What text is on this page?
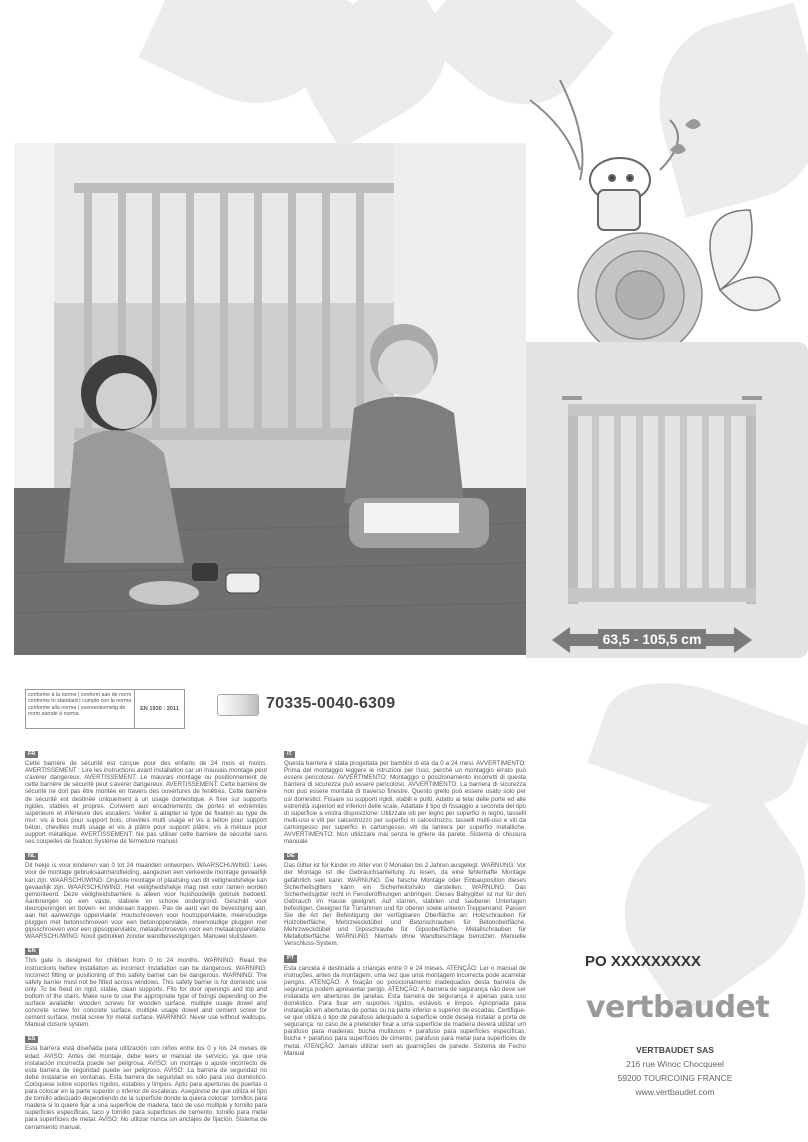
63,5 - 105,5 cm
conforme à la norme | conform aan de norm conforms to standard | cumple con la norma conforme alla norma | overeenkomstig de norm atende à norma
EN 1930 : 2011	70335-0040-6309
FR
Cette barrière de sécurité est conçue pour des enfants de 24 mois et moins. AVERTISSEMENT : Lire les instructions avant installation car un mauvais montage peut s'avérer dangereux. AVERTISSEMENT: Le mauvais montage ou positionnement de cette barrière de sécurité peut s'avérer dangereux. AVERTISSEMENT: Cette barrière de sécurité ne doit pas être montée en travers des ouvertures de fenêtres. Cette barrière de sécurité est destinée uniquement à un usage domestique. A fixer sur supports rigides, stables et propres. Convient aux encadrements de portes et extrémités supérieure et inférieure des escaliers. Veiller à adapter le type de fixation au type de mur: vis à bois pour support bois, chevilles multi usage et vis à béton pour support béton, chevilles multi usage et vis à plâtre pour support plâtre, vis à métaux pour support métallique. AVERTISSEMENT: Ne pas utiliser cette barrière de sécurité sans ses coupelles de fixation.Système de fermeture manuel.
NL
Dit hekje is voor kinderen van 0 tot 24 maanden ontworpen. WAARSCHUWING: Lees voor de montage gebruiksaanhandleiding, aangezien een verkeerde montage gevaarlijk kan zijn. WAARSCHUWING: Onjuiste montage of plaatsing van dit veiligheidshekje kan gevaarlijk zijn. WAARSCHUWING: Het veiligheidshekje mag niet voor ramen worden gemonteerd. Deze veiligheidsbarrière is alleen voor huishoudelijk gebruik bedoeld. Aanbrengen op een vaste, stabiele en schone ondergrond. Geschikt voor deuropeningen en boven- en onderaan trappen. Pas de aard van de bevestiging aan, aan het aanwezige oppervlakte: Houtschroeven voor houtoppervlakte, meervoudige pluggen met betonschroeven voor een betonoppervlakte, meervoudige pluggen met gipsschroeven voor een gipsoppervlakte, metaalschroeven voor een metaaloppervlakte. WAARSCHUWING: Nooit gebruiken zonder wandbevestigingen. Manueel sluitsteem.
EN
This gate is designed for children from 0 to 24 months. WARNING: Read the instructions before installation as incorrect installation can be dangerous. WARNING: Incorrect fitting or positioning of this safety barrier can be dangerous. WARNING: The safety barrier must not be fitted across windows. This safety barrier is for domestic use only. To be fixed on rigid, stable, clean supports. Fits for door openings and top and bottom of the stairs. Make sure to use the appropriate type of fixings depending on the surface available: wooden screws for wooden surface, multiple usage dowel and concrete screw for concrete surface, multiple usage dowel and cement screw for cement surface, metal screw for metal surface. WARNING: Never use without wallcups. Manual closure system.
ES
Esta barrera está diseñada para utilización con niños entre los 0 y los 24 meses de edad. AVISO: Antes del montaje, debe leers el manual de servicio, ya que una instalación incorrecta puede ser peligrosa. AVISO: un montaje o ajuste incorrecto de esta barrera de seguridad puede ser peligroso. AVISO: La barrera de seguridad no debe instalarse en ventanas. Esta barrera de seguridad es sólo para uso doméstico. Colóquese sobre soportes rígidos, estables y limpios. Apto para aperturas de puertas o para colocar en la parte superior o inferior de escaleras. Asegúrese de que utiliza el tipo de tornillo adecuado dependiendo de la superficie donde la quiera colocar: tornillos para madera si lo quiere fijar a una superficie de madera, taco de uso múltiple y tornillo para superficies específicas, taco y tornillo para superficies de cemento, tornillo para metal para superficies de metal. AVISO: No utilizar nunca sin anclajes de fijación. Sistema de cerramiento manual.
IT
Questa barriera è stata progettata per bambini di età da 0 a 24 mesi. AVVERTIMENTO: Prima del montaggio leggere le istruzioni per l'uso, perchè un montaggio errato può essere pericoloso. AVVERTIMENTO: Montaggio o posizionamento incorretti di questa barriera di sicurezza può essere pericoloso. AVVERTIMENTO: La barriera di sicurezza non può essere montata di traverso finestre. Questo grello può essere usato solo per usi domestici. Fissare su supporti rigidi, stabili e puliti. Adatto ai telai delle porte ed alle estremità superiori ed inferiori delle scale. Adattate il tipo di fissaggio a seconda del tipo di superficie a vostra disposizione: Utilizzate viti per legno per superfici in legno, tasselli multi-uso e viti per calcestruzzo per superfici in calcestruzzo, tasselli multi-uso e viti da cartongesso per superfici in cartongesso, viti da lamiera per superfici metalliche. AVVERTIMENTO: Non utilizzare mai senza le ghiere da parete. Sistema di chiusura manuale
DE
Das Gitter ist für Kinder im Alter von 0 Monaten bis 2 Jahren ausgelegt. WARNUNG: Vor der Montage ist die Gebrauchsanleitung zu lesen, da eine fehlerhafte Montage gefährlich sein kann. WARNUNG: Die falsche Montage oder Einbauposition dieses Sicherheitsgitters kann ein Sicherheitsrisiko darstellen. WARNUNG: Das Sicherheitsgitter nicht in Fensteröffnungen anbringen. Dieses Babygitter ist nur für den Gebrauch im Hause geeignet. Auf starren, stabilen und sauberen Unterlagen befestigen. Geeignet für Türrahmen und für oberen sowie unteren Treppenrand. Passen Sie die Art der Befestigung der verfügbaren Oberfläche an: Holzschrauben für Holzoberfläche, Mehrzweckdübel und Betonschrauben für Betonoberfläche, Mehrzweckdübel und Gipsschraube für Gipsoberfläche, Metallschrauben für Metalloberfläche. WARNUNG: Niemals ohne Wandbeschläge benutzen. Manuelle Verschluss-System.
PT
Esta cancela é destinada a crianças entre 0 e 24 meses. ATENÇÃO: Ler o manual de instruções, antes da montagem, uma vez que uma montagem incorrecta pode acarretar perigos. ATENÇÃO: A fixação ou posicionamento inadequados desta barreira de segurança podem apresentar perigo. ATENÇÃO: A barreira de segurança não deve ser instalada em aberturas de janelas. Esta barreira de segurança é apenas para uso doméstico. Para fixar em suportes rígidos, estáveis e limpos. Apropriada para instalação em aberturas de portas ou na parte inferior e superior de escadas. Certifique-se que utiliza o tipo de parafuso adequado à superfície onde deseja instalar a porta de segurança: no caso de a pretender fixar a uma superfície de madeira deverá utilizar um parafuso para madeiras; bucha multiusos + parafuso para superfícies específicas; bucha + parafuso para superfícies de cimento; parafuso para metal para superfícies de metal. ATENÇÃO: Jamais utilizar sem as guarnições de parede. Sistema de Fecho Manual
PO XXXXXXXXX
vertbaudet
VERTBAUDET SAS
216 rue Winoc Chocqueel
59200 TOURCOING FRANCE
www.vertbaudet.com
